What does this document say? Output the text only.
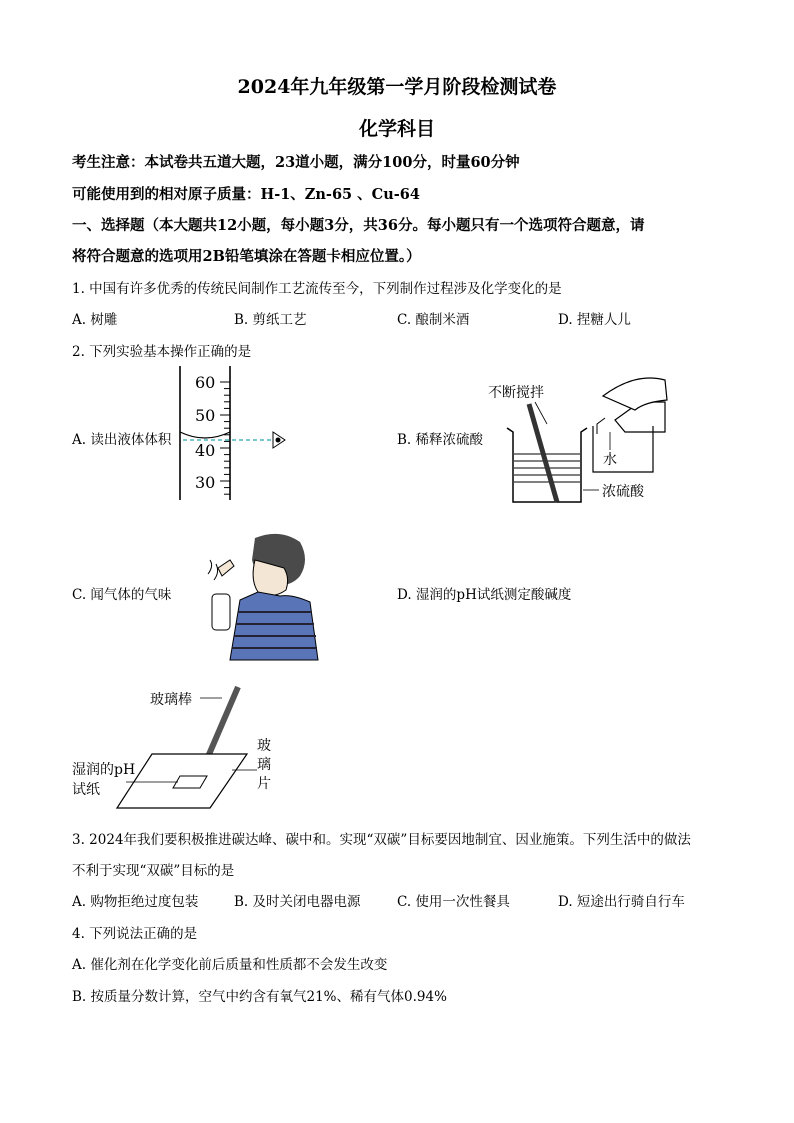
2024年九年级第一学月阶段检测试卷
化学科目
考生注意：本试卷共五道大题，23道小题，满分100分，时量60分钟
可能使用到的相对原子质量：H-1、Zn-65 、Cu-64
一、选择题（本大题共12小题，每小题3分，共36分。每小题只有一个选项符合题意，请
将符合题意的选项用2B铅笔填涂在答题卡相应位置。）
1. 中国有许多优秀的传统民间制作工艺流传至今，下列制作过程涉及化学变化的是
A. 树雕	B. 剪纸工艺	C. 酿制米酒	D. 捏糖人儿
2. 下列实验基本操作正确的是
A. 读出液体体积	B. 稀释浓硫酸
C. 闻气体的气味	D. 湿润的pH试纸测定酸碱度
60
50
40
30
不断搅拌
水
浓硫酸
玻璃棒
玻
璃
片
湿润的pH
试纸
3. 2024年我们要积极推进碳达峰、碳中和。实现“双碳”目标要因地制宜、因业施策。下列生活中的做法
不利于实现“双碳”目标的是
A. 购物拒绝过度包装	B. 及时关闭电器电源	C. 使用一次性餐具	D. 短途出行骑自行车
4. 下列说法正确的是
A. 催化剂在化学变化前后质量和性质都不会发生改变
B. 按质量分数计算，空气中约含有氧气21%、稀有气体0.94%
